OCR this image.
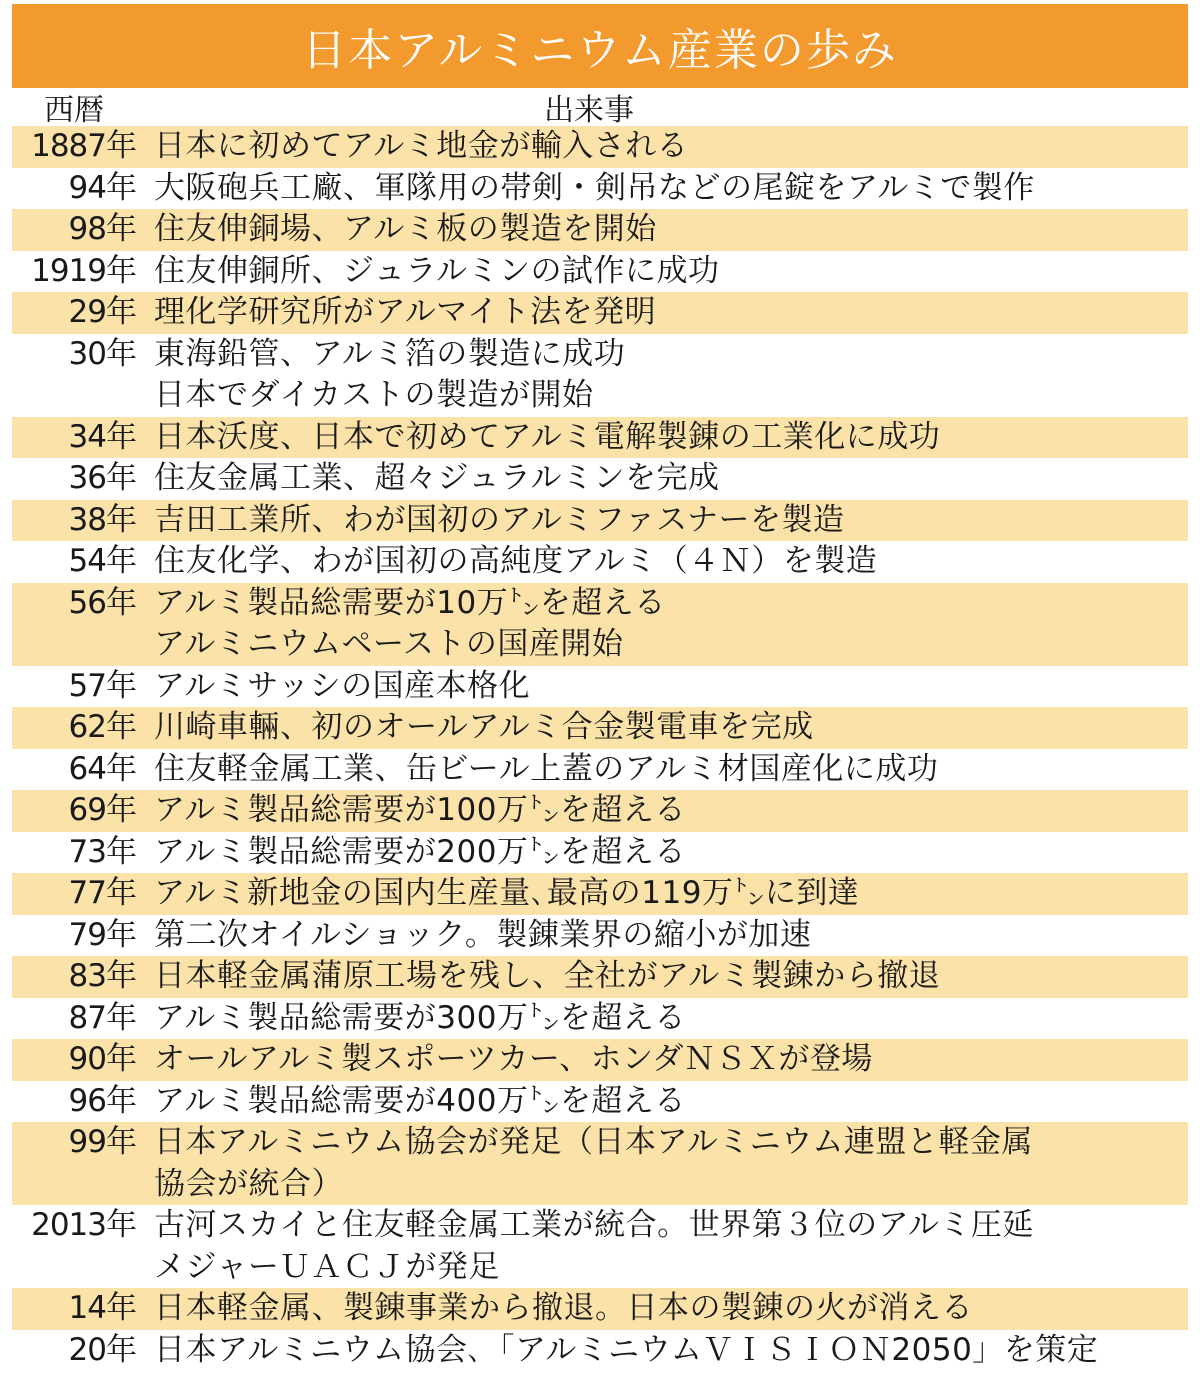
日本アルミニウム産業の歩み
西暦	出来事
1887年 日本に初めてアルミ地金が輸入される
94年 大阪砲兵工廠、軍隊用の帯剣・剣吊などの尾錠をアルミで製作
98年 住友伸銅場、アルミ板の製造を開始
1919年 住友伸銅所、ジュラルミンの試作に成功
29年 理化学研究所がアルマイト法を発明
30年 東海鉛管、アルミ箔の製造に成功
日本でダイカストの製造が開始
34年 日本沃度、日本で初めてアルミ電解製錬の工業化に成功
36年 住友金属工業、超々ジュラルミンを完成
38年 吉田工業所、わが国初のアルミファスナーを製造
54年 住友化学、わが国初の高純度アルミ（４Ｎ）を製造
56年 アルミ製品総需要が10万㌧を超える
アルミニウムペーストの国産開始
57年 アルミサッシの国産本格化
62年 川崎車輛、初のオールアルミ合金製電車を完成
64年 住友軽金属工業、缶ビール上蓋のアルミ材国産化に成功
69年 アルミ製品総需要が100万㌧を超える
73年 アルミ製品総需要が200万㌧を超える
77年 アルミ新地金の国内生産量､最高の119万㌧に到達
79年 第二次オイルショック。製錬業界の縮小が加速
83年 日本軽金属蒲原工場を残し、全社がアルミ製錬から撤退
87年 アルミ製品総需要が300万㌧を超える
90年 オールアルミ製スポーツカー、ホンダＮＳＸが登場
96年 アルミ製品総需要が400万㌧を超える
99年 日本アルミニウム協会が発足（日本アルミニウム連盟と軽金属
協会が統合）
2013年 古河スカイと住友軽金属工業が統合。世界第３位のアルミ圧延
メジャーＵＡＣＪが発足
14年 日本軽金属、製錬事業から撤退。日本の製錬の火が消える
20年 日本アルミニウム協会､「アルミニウムＶＩＳＩＯＮ2050」を策定
